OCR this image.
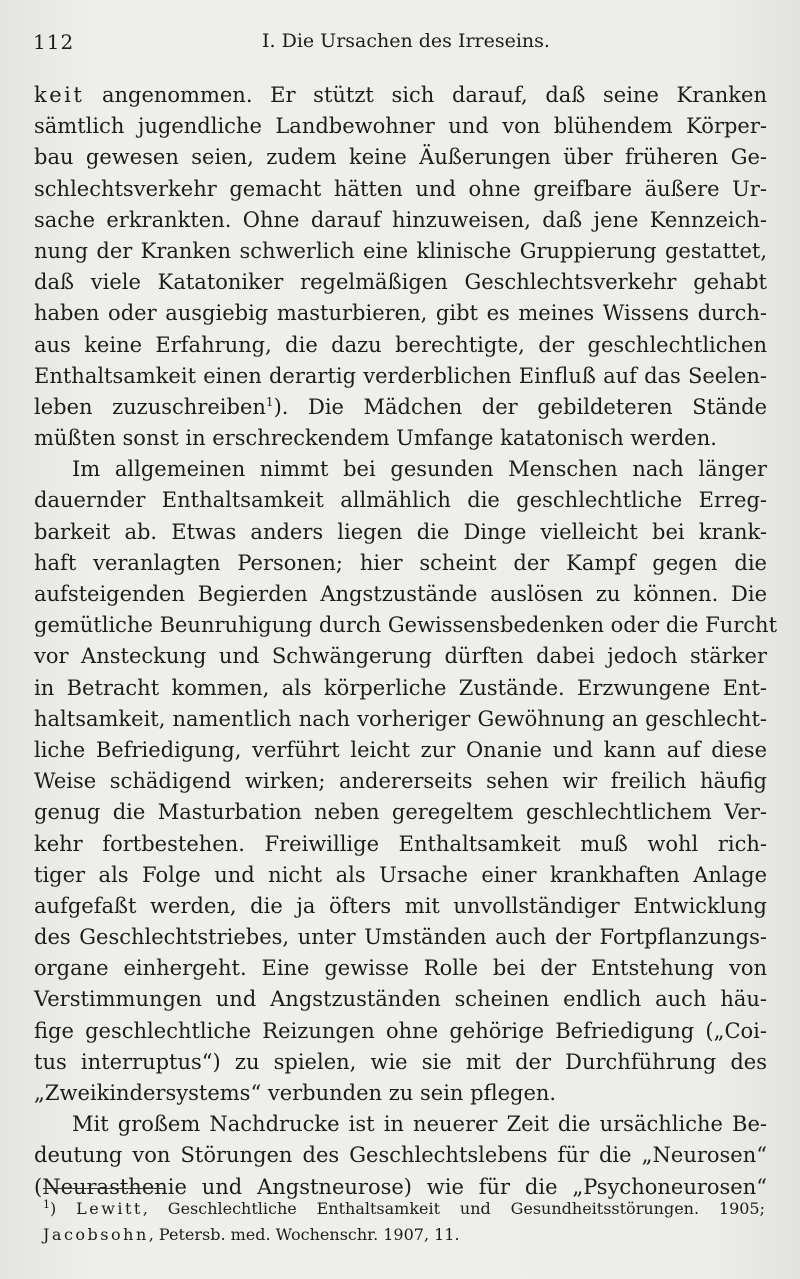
112	I. Die Ursachen des Irreseins.
keit angenommen. Er stützt sich darauf, daß seine Kranken
sämtlich jugendliche Landbewohner und von blühendem Körper-
bau gewesen seien, zudem keine Äußerungen über früheren Ge-
schlechtsverkehr gemacht hätten und ohne greifbare äußere Ur-
sache erkrankten. Ohne darauf hinzuweisen, daß jene Kennzeich-
nung der Kranken schwerlich eine klinische Gruppierung gestattet,
daß viele Katatoniker regelmäßigen Geschlechtsverkehr gehabt
haben oder ausgiebig masturbieren, gibt es meines Wissens durch-
aus keine Erfahrung, die dazu berechtigte, der geschlechtlichen
Enthaltsamkeit einen derartig verderblichen Einfluß auf das Seelen-
leben zuzuschreiben$^1$). Die Mädchen der gebildeteren Stände
müßten sonst in erschreckendem Umfange katatonisch werden.
Im allgemeinen nimmt bei gesunden Menschen nach länger
dauernder Enthaltsamkeit allmählich die geschlechtliche Erreg-
barkeit ab. Etwas anders liegen die Dinge vielleicht bei krank-
haft veranlagten Personen; hier scheint der Kampf gegen die
aufsteigenden Begierden Angstzustände auslösen zu können. Die
gemütliche Beunruhigung durch Gewissensbedenken oder die Furcht
vor Ansteckung und Schwängerung dürften dabei jedoch stärker
in Betracht kommen, als körperliche Zustände. Erzwungene Ent-
haltsamkeit, namentlich nach vorheriger Gewöhnung an geschlecht-
liche Befriedigung, verführt leicht zur Onanie und kann auf diese
Weise schädigend wirken; andererseits sehen wir freilich häufig
genug die Masturbation neben geregeltem geschlechtlichem Ver-
kehr fortbestehen. Freiwillige Enthaltsamkeit muß wohl rich-
tiger als Folge und nicht als Ursache einer krankhaften Anlage
aufgefaßt werden, die ja öfters mit unvollständiger Entwicklung
des Geschlechtstriebes, unter Umständen auch der Fortpflanzungs-
organe einhergeht. Eine gewisse Rolle bei der Entstehung von
Verstimmungen und Angstzuständen scheinen endlich auch häu-
fige geschlechtliche Reizungen ohne gehörige Befriedigung („Coi-
tus interruptus“) zu spielen, wie sie mit der Durchführung des
„Zweikindersystems“ verbunden zu sein pflegen.
Mit großem Nachdrucke ist in neuerer Zeit die ursächliche Be-
deutung von Störungen des Geschlechtslebens für die „Neurosen“
(Neurasthenie und Angstneurose) wie für die „Psychoneurosen“
$^1$) Lewitt, Geschlechtliche Enthaltsamkeit und Gesundheitsstörungen. 1905;
Jacobsohn, Petersb. med. Wochenschr. 1907, 11.
